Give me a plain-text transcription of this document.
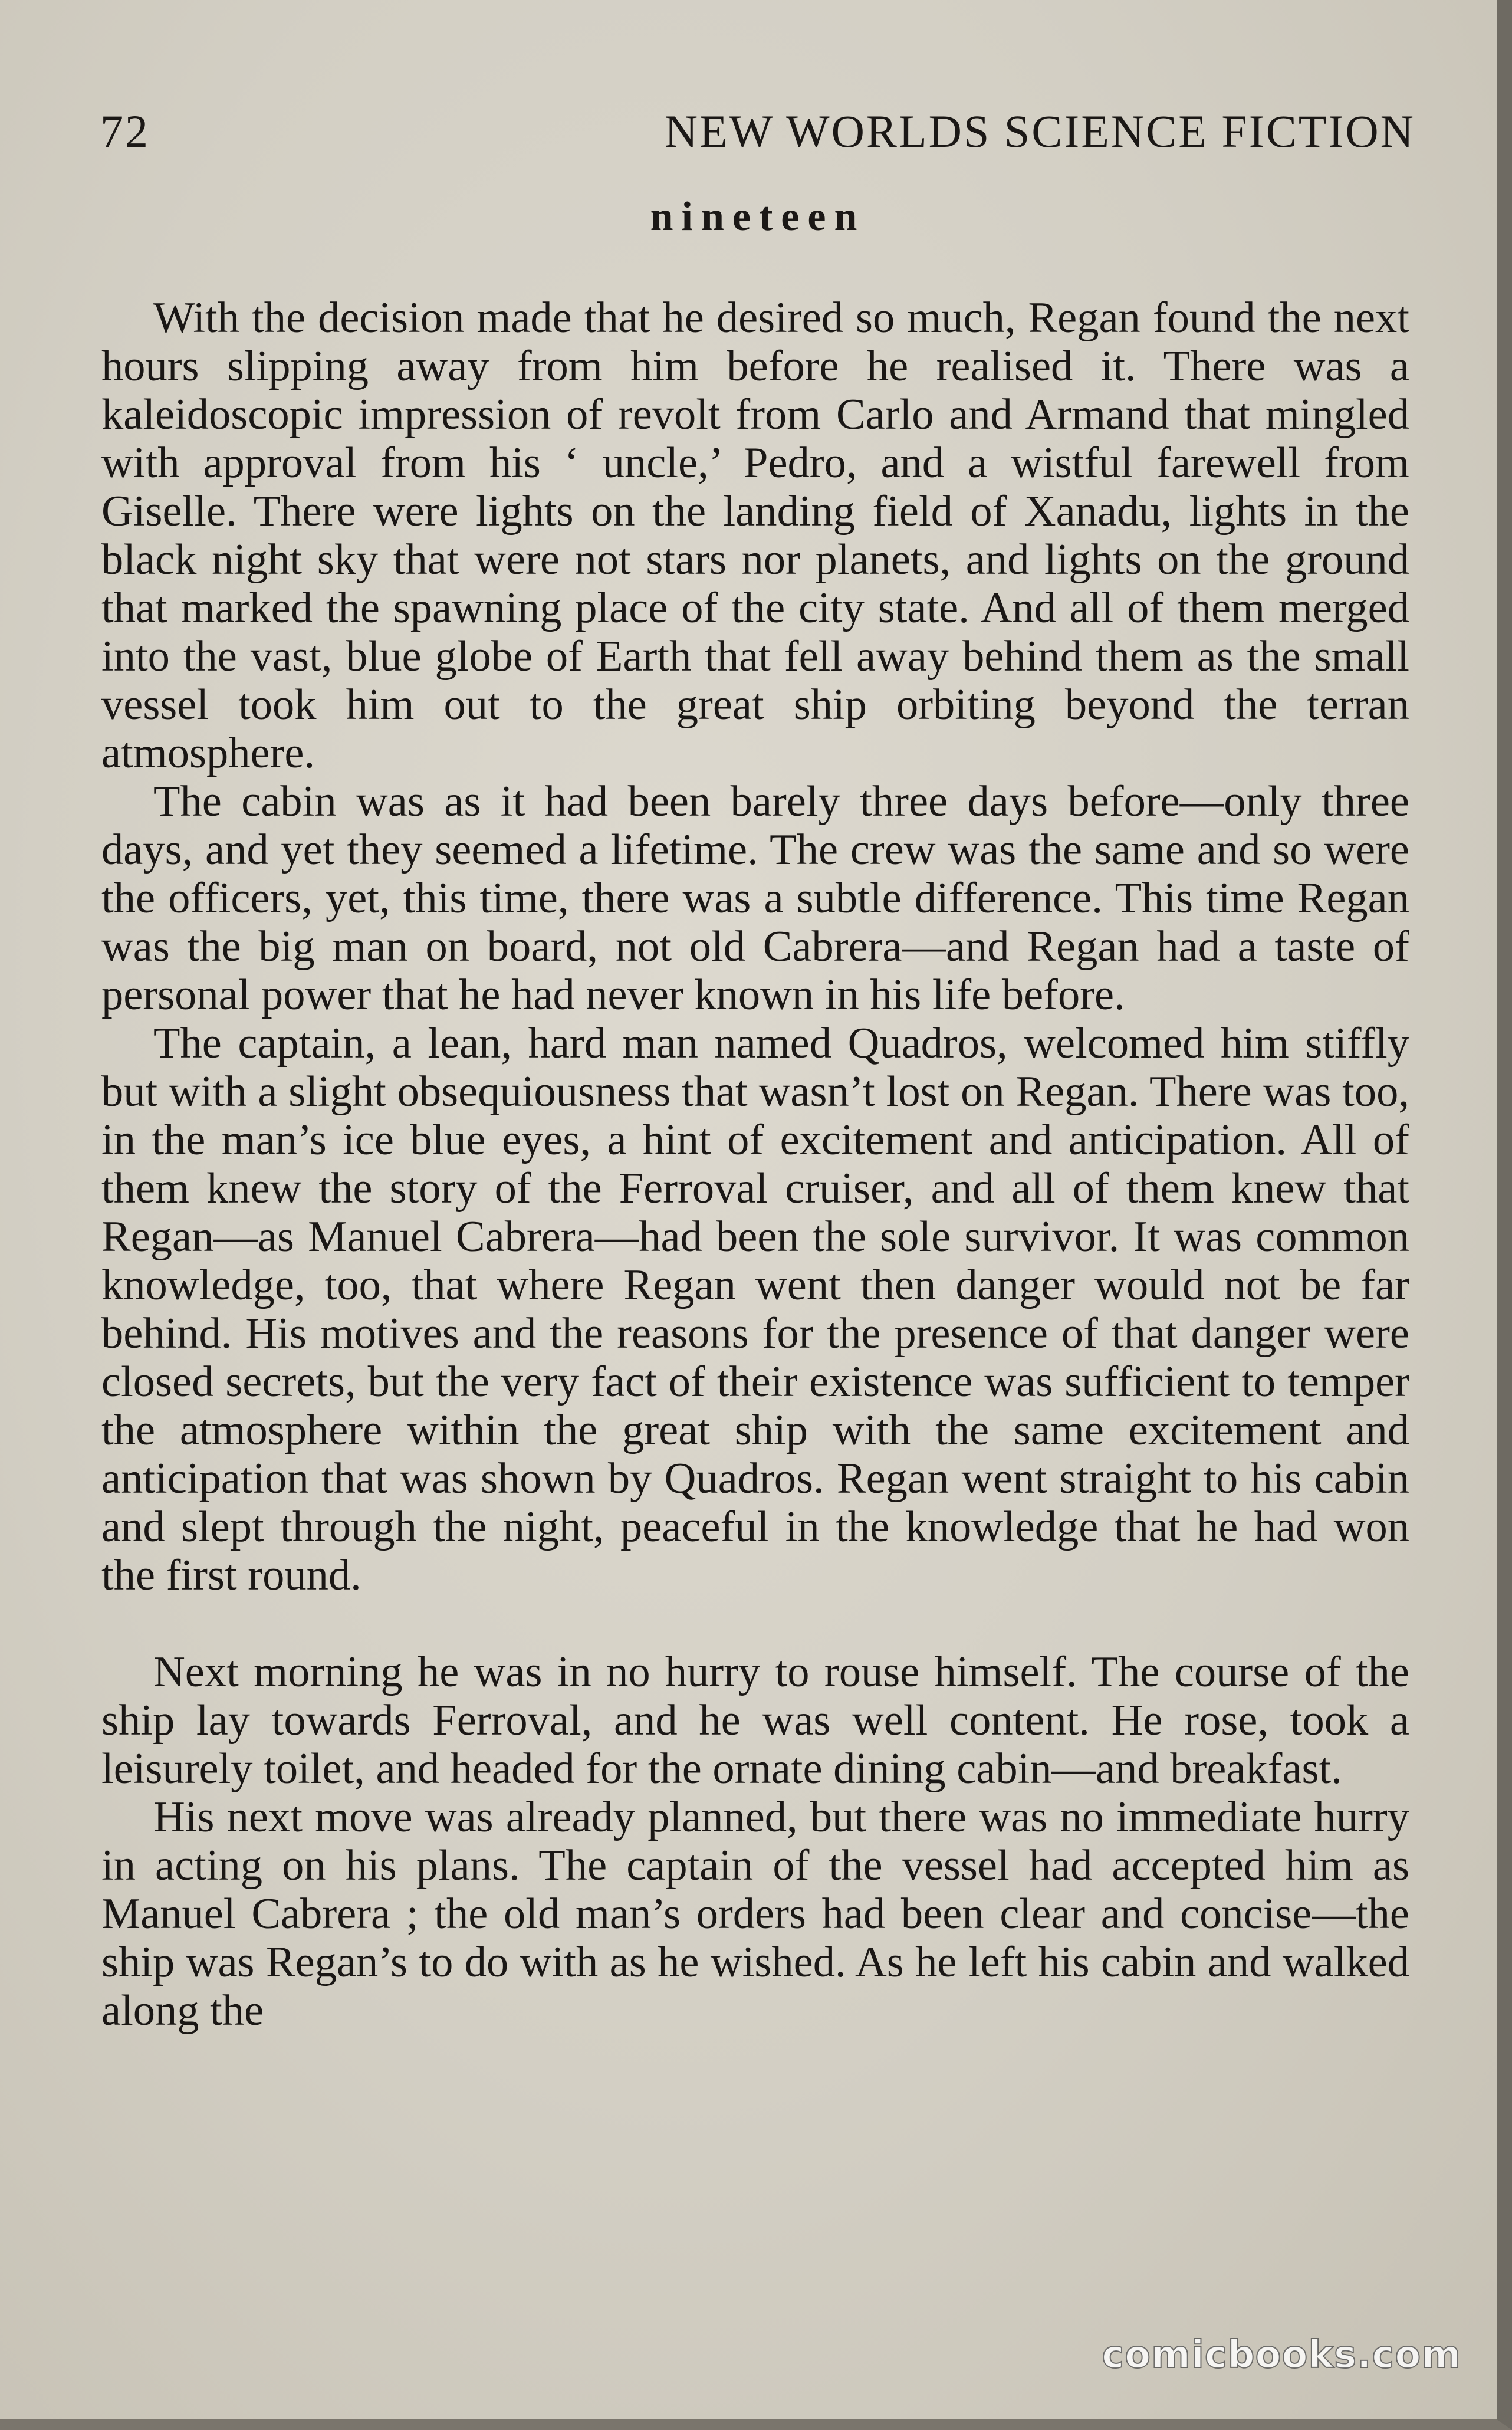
72	NEW WORLDS SCIENCE FICTION
nineteen

With the decision made that he desired so much, Regan found the next hours slipping away from him before he realised it. There was a kaleidoscopic impression of revolt from Carlo and Armand that mingled with approval from his ‘ uncle,’ Pedro, and a wistful farewell from Giselle. There were lights on the landing field of Xanadu, lights in the black night sky that were not stars nor planets, and lights on the ground that marked the spawning place of the city state. And all of them merged into the vast, blue globe of Earth that fell away behind them as the small vessel took him out to the great ship orbiting beyond the terran atmosphere.

The cabin was as it had been barely three days before—only three days, and yet they seemed a lifetime. The crew was the same and so were the officers, yet, this time, there was a subtle difference. This time Regan was the big man on board, not old Cabrera—and Regan had a taste of personal power that he had never known in his life before.

The captain, a lean, hard man named Quadros, welcomed him stiffly but with a slight obsequiousness that wasn’t lost on Regan. There was too, in the man’s ice blue eyes, a hint of excitement and anticipation. All of them knew the story of the Ferroval cruiser, and all of them knew that Regan—as Manuel Cabrera—had been the sole survivor. It was common knowledge, too, that where Regan went then danger would not be far behind. His motives and the reasons for the presence of that danger were closed secrets, but the very fact of their existence was sufficient to temper the atmosphere within the great ship with the same excitement and anticipation that was shown by Quadros. Regan went straight to his cabin and slept through the night, peaceful in the knowledge that he had won the first round.

Next morning he was in no hurry to rouse himself. The course of the ship lay towards Ferroval, and he was well content. He rose, took a leisurely toilet, and headed for the ornate dining cabin—and breakfast.

His next move was already planned, but there was no immediate hurry in acting on his plans. The captain of the vessel had accepted him as Manuel Cabrera ; the old man’s orders had been clear and concise—the ship was Regan’s to do with as he wished. As he left his cabin and walked along the

comicbooks.com
